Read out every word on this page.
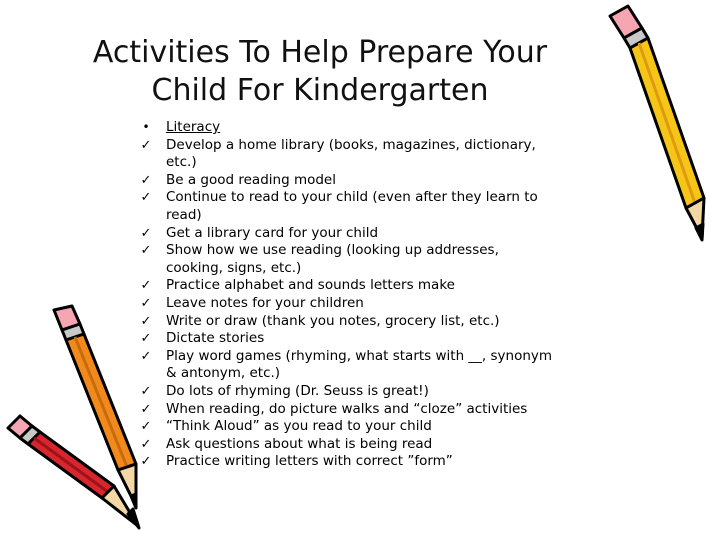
Activities To Help Prepare Your
Child For Kindergarten
•	Literacy
✓ Develop a home library (books, magazines, dictionary, etc.)
✓ Be a good reading model
✓ Continue to read to your child (even after they learn to read)
✓ Get a library card for your child
✓ Show how we use reading (looking up addresses, cooking, signs, etc.)
✓ Practice alphabet and sounds letters make
✓ Leave notes for your children
✓ Write or draw (thank you notes, grocery list, etc.)
✓ Dictate stories
✓ Play word games (rhyming, what starts with __, synonym & antonym, etc.)
✓ Do lots of rhyming (Dr. Seuss is great!)
✓ When reading, do picture walks and “cloze” activities
✓ “Think Aloud” as you read to your child
✓ Ask questions about what is being read
✓ Practice writing letters with correct ”form”
